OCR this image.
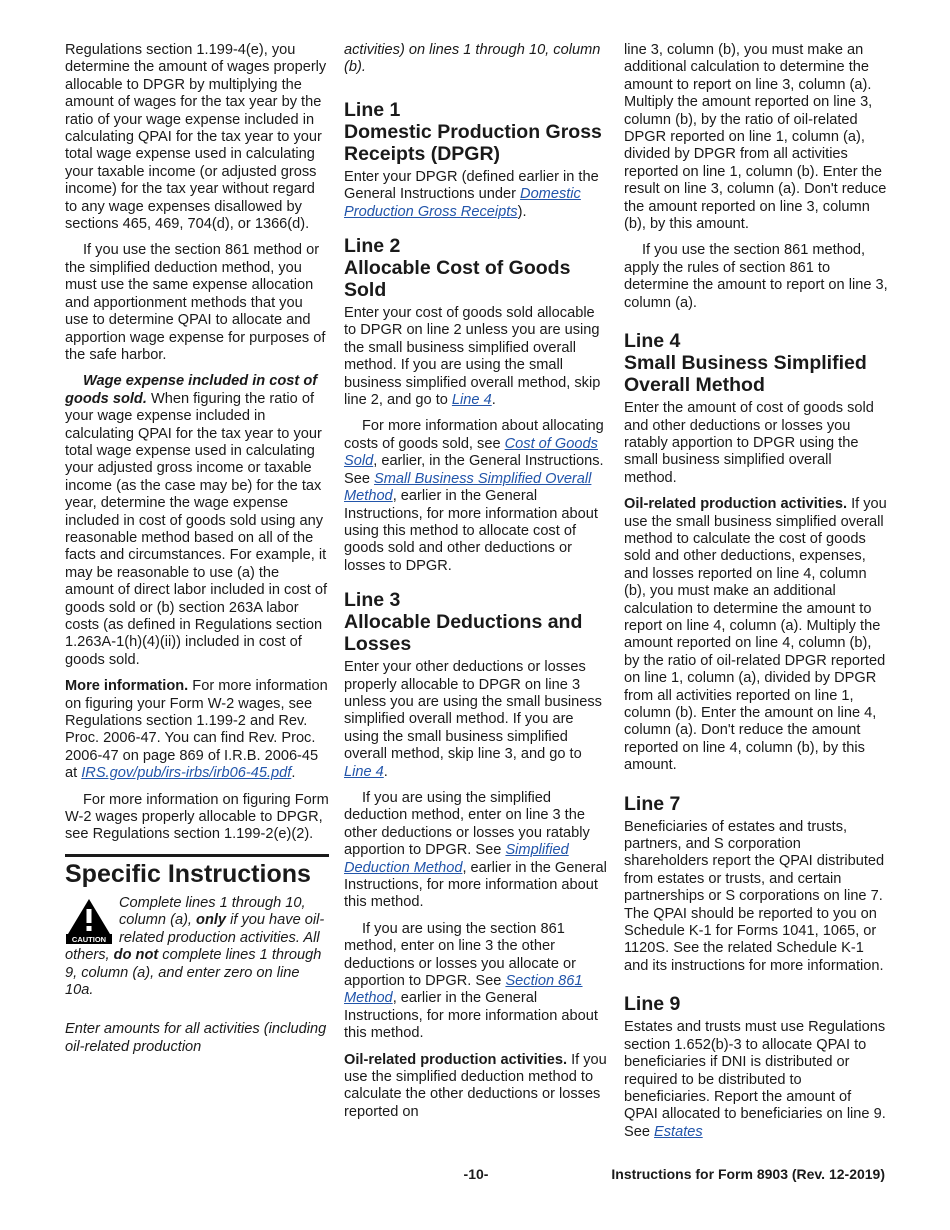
Regulations section 1.199-4(e), you determine the amount of wages properly allocable to DPGR by multiplying the amount of wages for the tax year by the ratio of your wage expense included in calculating QPAI for the tax year to your total wage expense used in calculating your taxable income (or adjusted gross income) for the tax year without regard to any wage expenses disallowed by sections 465, 469, 704(d), or 1366(d).

If you use the section 861 method or the simplified deduction method, you must use the same expense allocation and apportionment methods that you use to determine QPAI to allocate and apportion wage expense for purposes of the safe harbor.

Wage expense included in cost of goods sold. When figuring the ratio of your wage expense included in calculating QPAI for the tax year to your total wage expense used in calculating your adjusted gross income or taxable income (as the case may be) for the tax year, determine the wage expense included in cost of goods sold using any reasonable method based on all of the facts and circumstances. For example, it may be reasonable to use (a) the amount of direct labor included in cost of goods sold or (b) section 263A labor costs (as defined in Regulations section 1.263A-1(h)(4)(ii)) included in cost of goods sold.

More information. For more information on figuring your Form W-2 wages, see Regulations section 1.199-2 and Rev. Proc. 2006-47. You can find Rev. Proc. 2006-47 on page 869 of I.R.B. 2006-45 at IRS.gov/pub/irs-irbs/irb06-45.pdf.

For more information on figuring Form W-2 wages properly allocable to DPGR, see Regulations section 1.199-2(e)(2).

Specific Instructions
CAUTION

Complete lines 1 through 10, column (a), only if you have oil-related production activities. All others, do not complete lines 1 through 9, column (a), and enter zero on line 10a.

Enter amounts for all activities (including oil-related production

activities) on lines 1 through 10, column (b).

Line 1
Domestic Production Gross Receipts (DPGR)

Enter your DPGR (defined earlier in the General Instructions under Domestic Production Gross Receipts).

Line 2
Allocable Cost of Goods Sold

Enter your cost of goods sold allocable to DPGR on line 2 unless you are using the small business simplified overall method. If you are using the small business simplified overall method, skip line 2, and go to Line 4.

For more information about allocating costs of goods sold, see Cost of Goods Sold, earlier, in the General Instructions. See Small Business Simplified Overall Method, earlier in the General Instructions, for more information about using this method to allocate cost of goods sold and other deductions or losses to DPGR.

Line 3
Allocable Deductions and Losses

Enter your other deductions or losses properly allocable to DPGR on line 3 unless you are using the small business simplified overall method. If you are using the small business simplified overall method, skip line 3, and go to Line 4.

If you are using the simplified deduction method, enter on line 3 the other deductions or losses you ratably apportion to DPGR. See Simplified Deduction Method, earlier in the General Instructions, for more information about this method.

If you are using the section 861 method, enter on line 3 the other deductions or losses you allocate or apportion to DPGR. See Section 861 Method, earlier in the General Instructions, for more information about this method.

Oil-related production activities. If you use the simplified deduction method to calculate the other deductions or losses reported on

line 3, column (b), you must make an additional calculation to determine the amount to report on line 3, column (a). Multiply the amount reported on line 3, column (b), by the ratio of oil-related DPGR reported on line 1, column (a), divided by DPGR from all activities reported on line 1, column (b). Enter the result on line 3, column (a). Don't reduce the amount reported on line 3, column (b), by this amount.

If you use the section 861 method, apply the rules of section 861 to determine the amount to report on line 3, column (a).

Line 4
Small Business Simplified Overall Method

Enter the amount of cost of goods sold and other deductions or losses you ratably apportion to DPGR using the small business simplified overall method.

Oil-related production activities. If you use the small business simplified overall method to calculate the cost of goods sold and other deductions, expenses, and losses reported on line 4, column (b), you must make an additional calculation to determine the amount to report on line 4, column (a). Multiply the amount reported on line 4, column (b), by the ratio of oil-related DPGR reported on line 1, column (a), divided by DPGR from all activities reported on line 1, column (b). Enter the amount on line 4, column (a). Don't reduce the amount reported on line 4, column (b), by this amount.

Line 7

Beneficiaries of estates and trusts, partners, and S corporation shareholders report the QPAI distributed from estates or trusts, and certain partnerships or S corporations on line 7. The QPAI should be reported to you on Schedule K-1 for Forms 1041, 1065, or 1120S. See the related Schedule K-1 and its instructions for more information.

Line 9

Estates and trusts must use Regulations section 1.652(b)-3 to allocate QPAI to beneficiaries if DNI is distributed or required to be distributed to beneficiaries. Report the amount of QPAI allocated to beneficiaries on line 9. See Estates

-10-	Instructions for Form 8903 (Rev. 12-2019)
